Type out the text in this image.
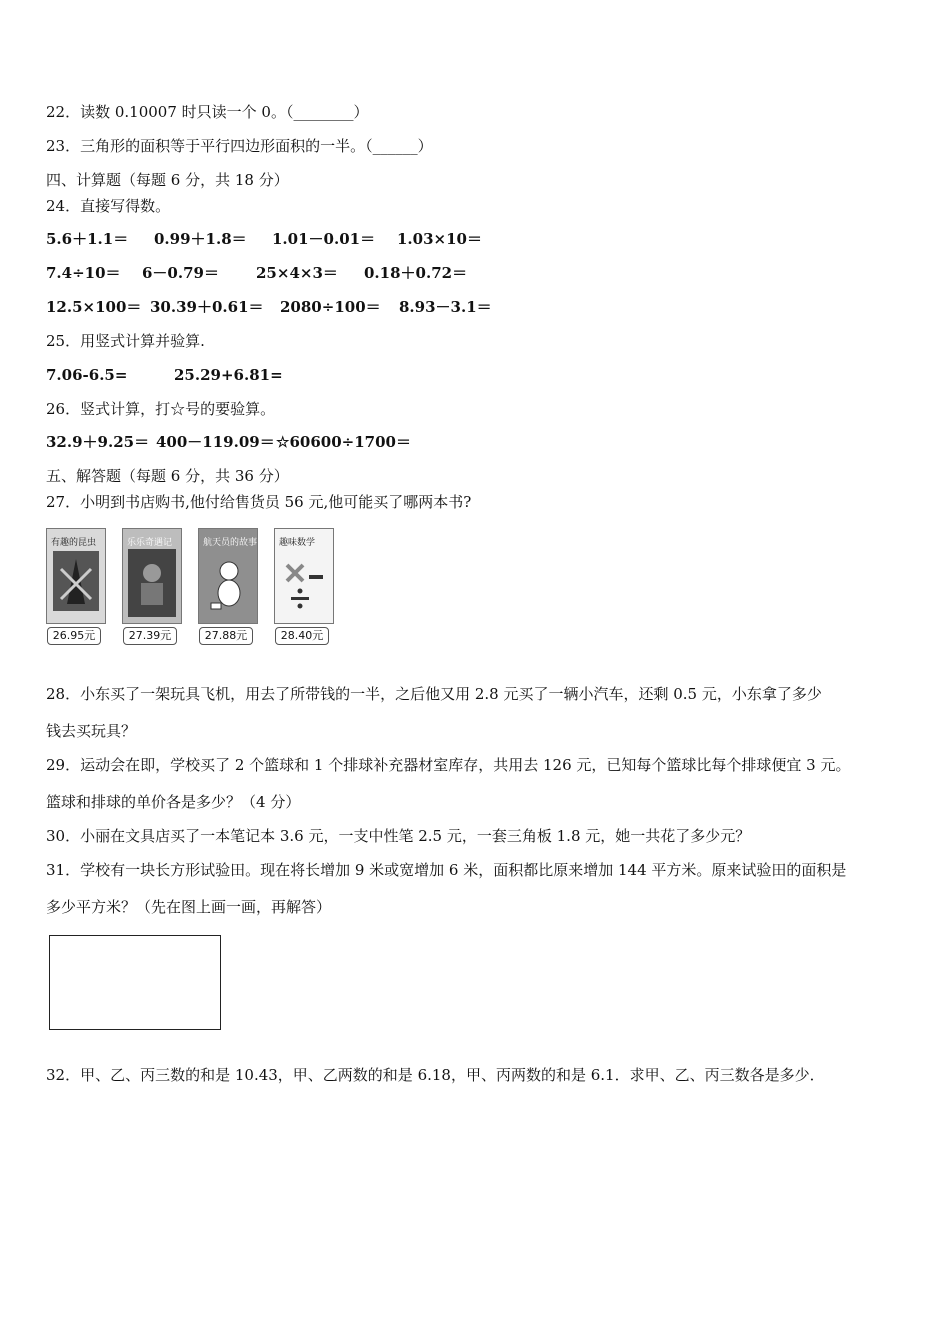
22．读数 0.10007 时只读一个 0。（________）
23．三角形的面积等于平行四边形面积的一半。（______）
四、计算题（每题 6 分，共 18 分）
24．直接写得数。
5.6＋1.1＝ 0.99＋1.8＝ 1.01－0.01＝ 1.03×10＝
7.4÷10＝ 6－0.79＝ 25×4×3＝ 0.18＋0.72＝
12.5×100＝ 30.39＋0.61＝ 2080÷100＝ 8.93－3.1＝
25．用竖式计算并验算.
7.06-6.5=	25.29+6.81=
26．竖式计算，打☆号的要验算。
32.9＋9.25＝ 400－119.09＝ ☆60600÷1700＝
五、解答题（每题 6 分，共 36 分）
27．小明到书店购书,他付给售货员 56 元,他可能买了哪两本书?
有趣的昆虫
26.95元
乐乐奇遇记
27.39元
航天员的故事
27.88元
趣味数学
28.40元
28．小东买了一架玩具飞机，用去了所带钱的一半，之后他又用 2.8 元买了一辆小汽车，还剩 0.5 元，小东拿了多少
钱去买玩具？
29．运动会在即，学校买了 2 个篮球和 1 个排球补充器材室库存，共用去 126 元，已知每个篮球比每个排球便宜 3 元。
篮球和排球的单价各是多少？（4 分）
30．小丽在文具店买了一本笔记本 3.6 元，一支中性笔 2.5 元，一套三角板 1.8 元，她一共花了多少元？
31．学校有一块长方形试验田。现在将长增加 9 米或宽增加 6 米，面积都比原来增加 144 平方米。原来试验田的面积是
多少平方米？（先在图上画一画，再解答）
32．甲、乙、丙三数的和是 10.43，甲、乙两数的和是 6.18，甲、丙两数的和是 6.1．求甲、乙、丙三数各是多少．
